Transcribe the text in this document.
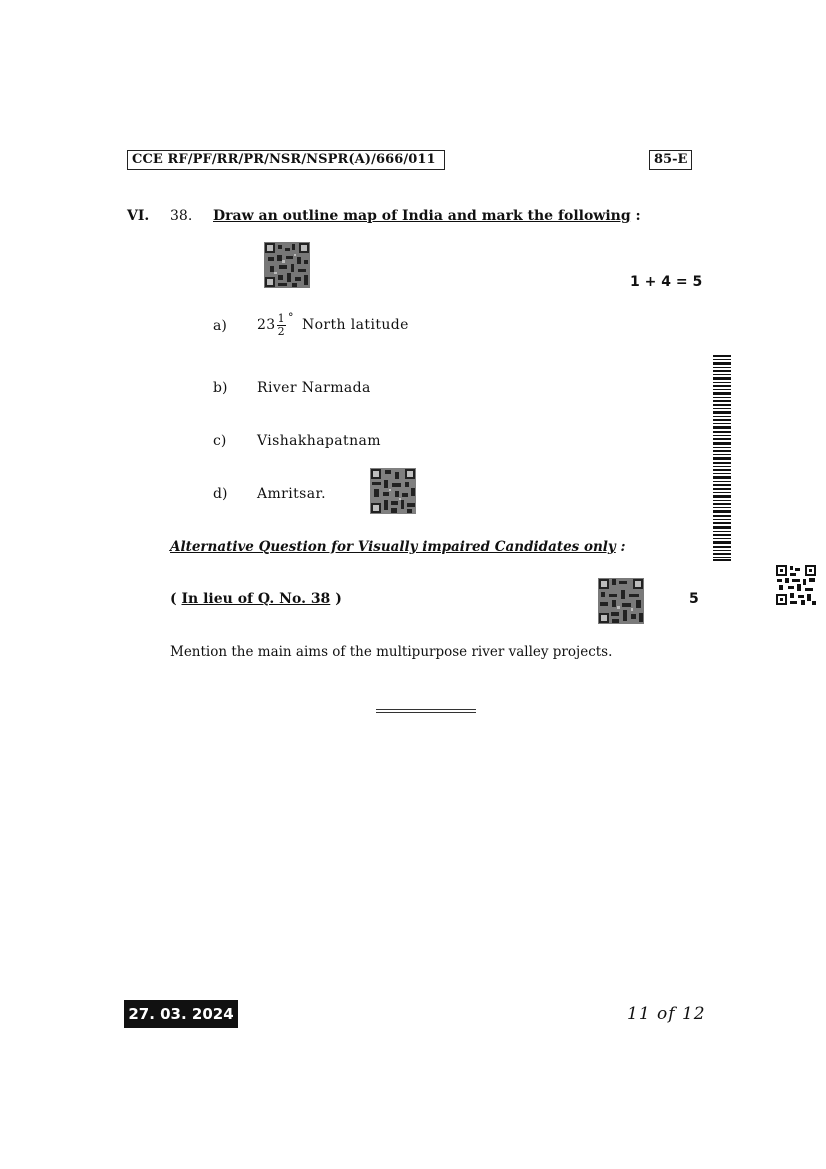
CCE RF/PF/RR/PR/NSR/NSPR(A)/666/011	85-E
VI. 38. Draw an outline map of India and mark the following :
1 + 4 = 5
a) $23 \frac{1}{2} ^\circ$ North latitude
b) River Narmada
c) Vishakhapatnam
d) Amritsar.
Alternative Question for Visually impaired Candidates only :
( In lieu of Q. No. 38 )	5
Mention the main aims of the multipurpose river valley projects.
27. 03. 2024	11 of 12
